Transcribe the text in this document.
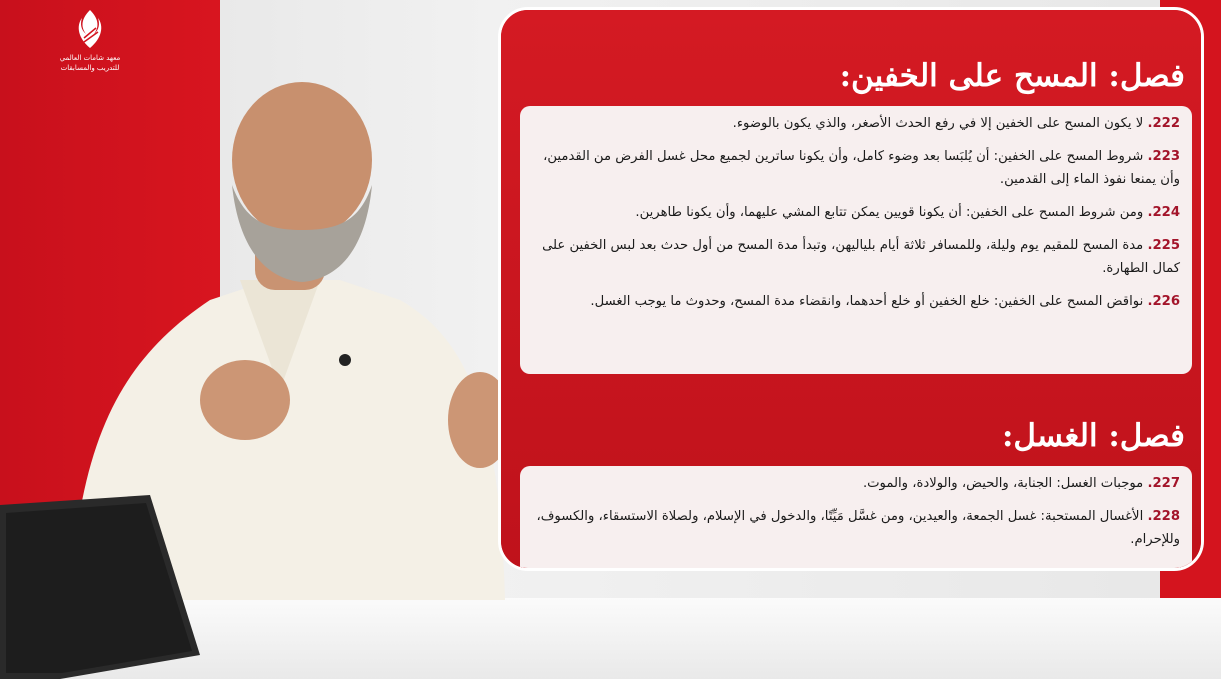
معهد شامات العالمي
للتدريب والمسابقات	فصل: المسح على الخفين:
222. لا يكون المسح على الخفين إلا في رفع الحدث الأصغر، والذي يكون بالوضوء.
223. شروط المسح على الخفين: أن يُلبَسا بعد وضوء كامل، وأن يكونا ساترين لجميع محل غسل الفرض من القدمين، وأن يمنعا نفوذ الماء إلى القدمين.
224. ومن شروط المسح على الخفين: أن يكونا قويين يمكن تتابع المشي عليهما، وأن يكونا طاهرين.
225. مدة المسح للمقيم يوم وليلة، وللمسافر ثلاثة أيام بلياليهن، وتبدأ مدة المسح من أول حدث بعد لبس الخفين على كمال الطهارة.
226. نواقض المسح على الخفين: خلع الخفين أو خلع أحدهما، وانقضاء مدة المسح، وحدوث ما يوجب الغسل.
فصل: الغسل:
227. موجبات الغسل: الجنابة، والحيض، والولادة، والموت.
228. الأغسال المستحبة: غسل الجمعة، والعيدين، ومن غسَّل مَيِّتًا، والدخول في الإسلام، ولصلاة الاستسقاء، والكسوف، وللإحرام.
